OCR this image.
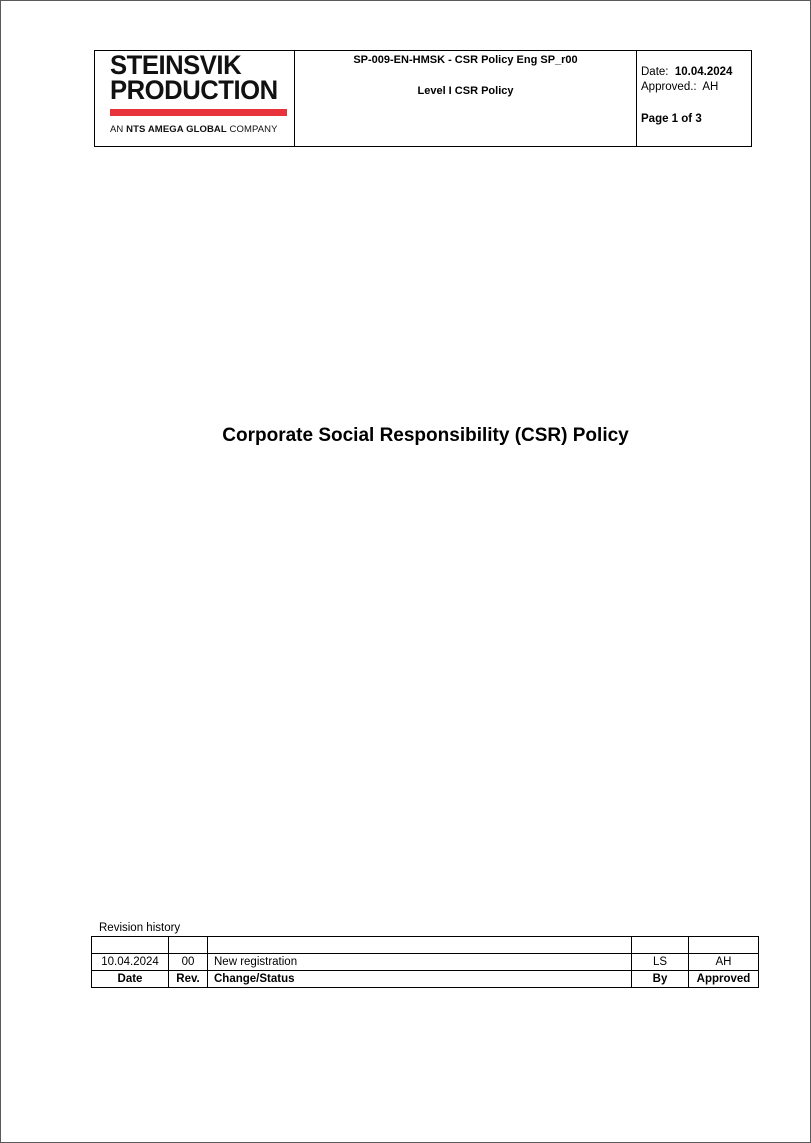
STEINSVIK
PRODUCTION
AN NTS AMEGA GLOBAL COMPANY

SP-009-EN-HMSK - CSR Policy Eng SP_r00
Level I CSR Policy

Date: 10.04.2024
Approved.: AH
Page 1 of 3
Corporate Social Responsibility (CSR) Policy
Revision history

10.04.2024	00	New registration	LS	AH
Date	Rev.	Change/Status	By	Approved
